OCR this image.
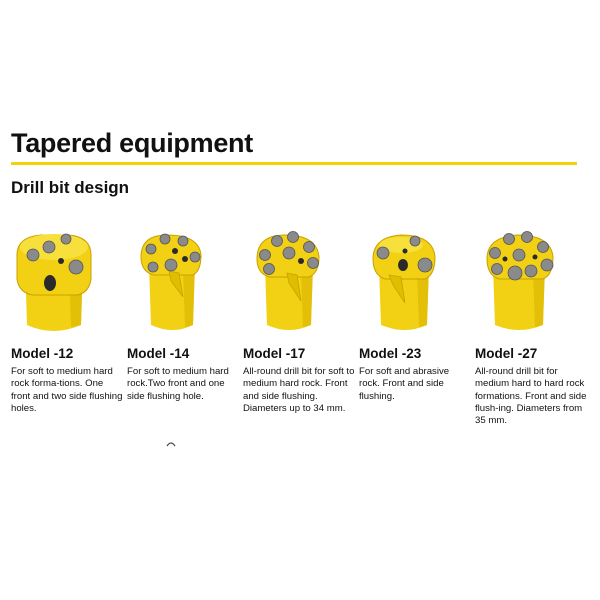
Tapered equipment
Drill bit design
Model -12
For soft to medium hard rock forma-tions. One front and two side flushing holes.
Model -14
For soft to medium hard rock.Two front and one side flushing hole.
Model -17
All-round drill bit for soft to medium hard rock. Front and side flushing. Diameters up to 34 mm.
Model -23
For soft and abrasive rock. Front and side flushing.
Model -27
All-round drill bit for medium hard to hard rock formations. Front and side flush-ing. Diameters from 35 mm.
